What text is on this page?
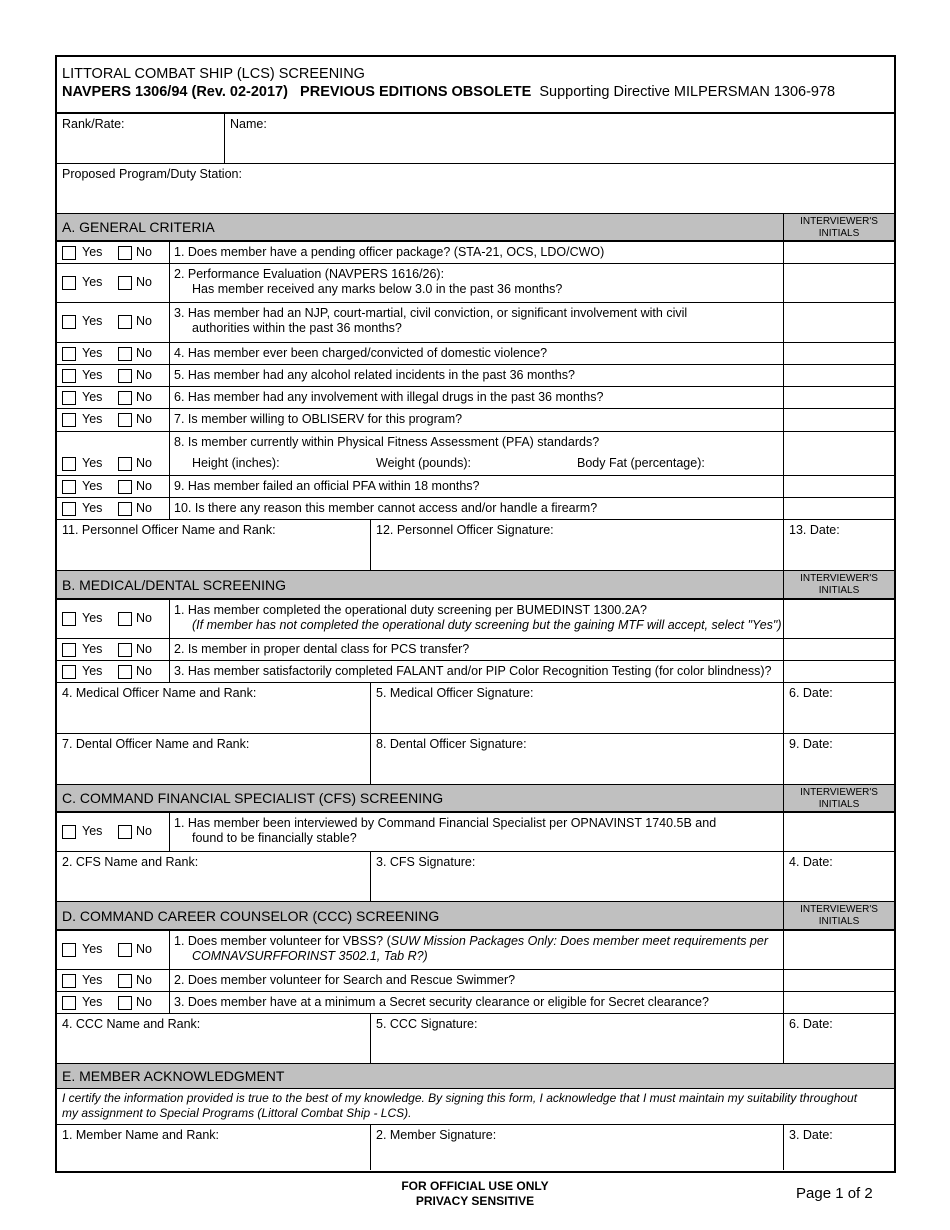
LITTORAL COMBAT SHIP (LCS) SCREENING
NAVPERS 1306/94 (Rev. 02-2017) PREVIOUS EDITIONS OBSOLETE Supporting Directive MILPERSMAN 1306-978
Rank/Rate:	Name:
Proposed Program/Duty Station:
A. GENERAL CRITERIA	INTERVIEWER'S INITIALS
Yes	No 1. Does member have a pending officer package? (STA-21, OCS, LDO/CWO)
Yes	No
2. Performance Evaluation (NAVPERS 1616/26):

Has member received any marks below 3.0 in the past 36 months?
Yes	No
3. Has member had an NJP, court-martial, civil conviction, or significant involvement with civil

authorities within the past 36 months?
Yes	No 4. Has member ever been charged/convicted of domestic violence?
Yes	No 5. Has member had any alcohol related incidents in the past 36 months?
Yes	No 6. Has member had any involvement with illegal drugs in the past 36 months?
Yes	No 7. Is member willing to OBLISERV for this program?
Yes	No
8. Is member currently within Physical Fitness Assessment (PFA) standards?
Height (inches):	Weight (pounds):	Body Fat (percentage):
Yes	No 9. Has member failed an official PFA within 18 months?
Yes	No 10. Is there any reason this member cannot access and/or handle a firearm?
11. Personnel Officer Name and Rank:	12. Personnel Officer Signature:	13. Date:
B. MEDICAL/DENTAL SCREENING	INTERVIEWER'S INITIALS
Yes	No
1. Has member completed the operational duty screening per BUMEDINST 1300.2A?

(If member has not completed the operational duty screening but the gaining MTF will accept, select "Yes")
Yes	No 2. Is member in proper dental class for PCS transfer?
Yes	No 3. Has member satisfactorily completed FALANT and/or PIP Color Recognition Testing (for color blindness)?
4. Medical Officer Name and Rank:	5. Medical Officer Signature:	6. Date:
7. Dental Officer Name and Rank:	8. Dental Officer Signature:	9. Date:
C. COMMAND FINANCIAL SPECIALIST (CFS) SCREENING	INTERVIEWER'S INITIALS
Yes	No
1. Has member been interviewed by Command Financial Specialist per OPNAVINST 1740.5B and

found to be financially stable?
2. CFS Name and Rank:	3. CFS Signature:	4. Date:
D. COMMAND CAREER COUNSELOR (CCC) SCREENING	INTERVIEWER'S INITIALS
Yes	No
1. Does member volunteer for VBSS? (SUW Mission Packages Only: Does member meet requirements per

COMNAVSURFFORINST 3502.1, Tab R?)
Yes	No 2. Does member volunteer for Search and Rescue Swimmer?
Yes	No 3. Does member have at a minimum a Secret security clearance or eligible for Secret clearance?
4. CCC Name and Rank:	5. CCC Signature:	6. Date:
E. MEMBER ACKNOWLEDGMENT
I certify the information provided is true to the best of my knowledge. By signing this form, I acknowledge that I must maintain my suitability throughout
my assignment to Special Programs (Littoral Combat Ship - LCS).
1. Member Name and Rank:	2. Member Signature:	3. Date:
FOR OFFICIAL USE ONLY
PRIVACY SENSITIVE	Page 1 of 2
